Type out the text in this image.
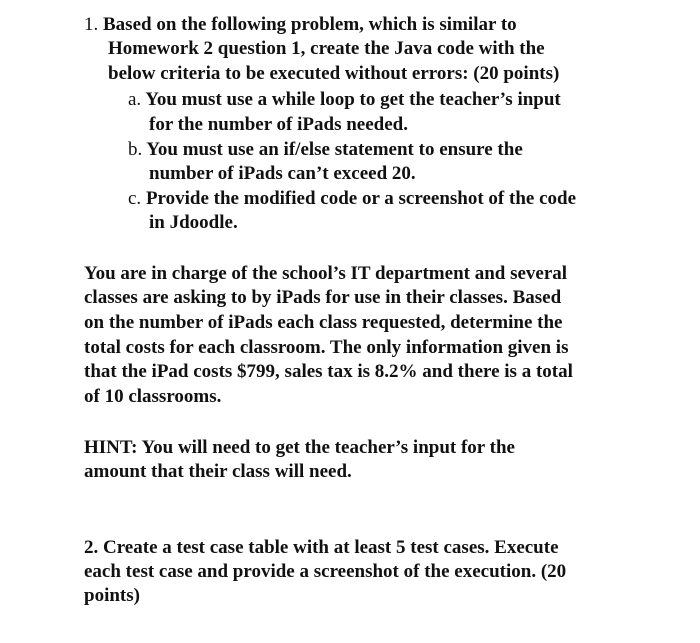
1. Based on the following problem, which is similar to
Homework 2 question 1, create the Java code with the
below criteria to be executed without errors: (20 points)
a. You must use a while loop to get the teacher’s input
for the number of iPads needed.
b. You must use an if/else statement to ensure the
number of iPads can’t exceed 20.
c. Provide the modified code or a screenshot of the code
in Jdoodle.
You are in charge of the school’s IT department and several
classes are asking to by iPads for use in their classes. Based
on the number of iPads each class requested, determine the
total costs for each classroom. The only information given is
that the iPad costs $799, sales tax is 8.2% and there is a total
of 10 classrooms.
HINT: You will need to get the teacher’s input for the
amount that their class will need.
2. Create a test case table with at least 5 test cases. Execute
each test case and provide a screenshot of the execution. (20
points)
